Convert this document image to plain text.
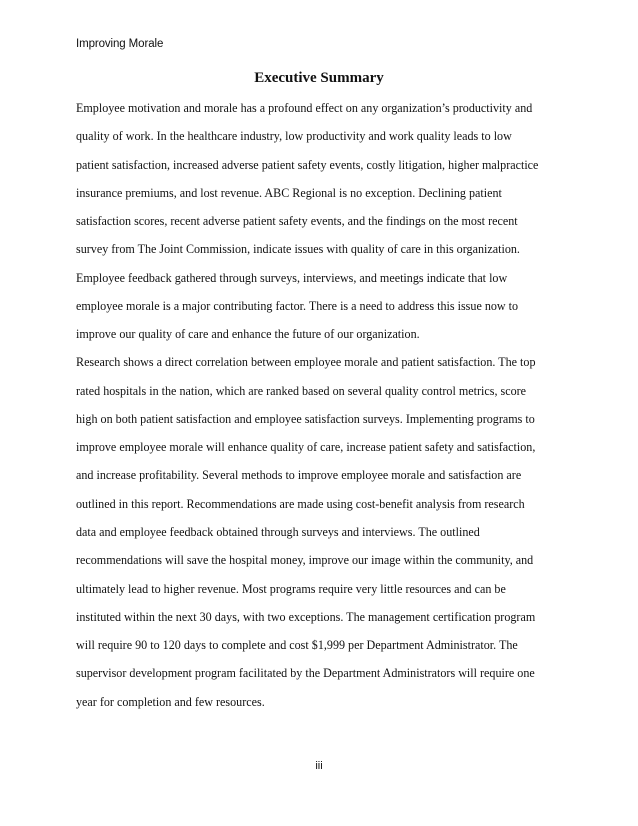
Improving Morale
Executive Summary
Employee motivation and morale has a profound effect on any organization’s productivity and
quality of work. In the healthcare industry, low productivity and work quality leads to low
patient satisfaction, increased adverse patient safety events, costly litigation, higher malpractice
insurance premiums, and lost revenue. ABC Regional is no exception. Declining patient
satisfaction scores, recent adverse patient safety events, and the findings on the most recent
survey from The Joint Commission, indicate issues with quality of care in this organization.
Employee feedback gathered through surveys, interviews, and meetings indicate that low
employee morale is a major contributing factor. There is a need to address this issue now to
improve our quality of care and enhance the future of our organization.
Research shows a direct correlation between employee morale and patient satisfaction. The top
rated hospitals in the nation, which are ranked based on several quality control metrics, score
high on both patient satisfaction and employee satisfaction surveys. Implementing programs to
improve employee morale will enhance quality of care, increase patient safety and satisfaction,
and increase profitability. Several methods to improve employee morale and satisfaction are
outlined in this report. Recommendations are made using cost-benefit analysis from research
data and employee feedback obtained through surveys and interviews. The outlined
recommendations will save the hospital money, improve our image within the community, and
ultimately lead to higher revenue. Most programs require very little resources and can be
instituted within the next 30 days, with two exceptions. The management certification program
will require 90 to 120 days to complete and cost $1,999 per Department Administrator. The
supervisor development program facilitated by the Department Administrators will require one
year for completion and few resources.
iii
